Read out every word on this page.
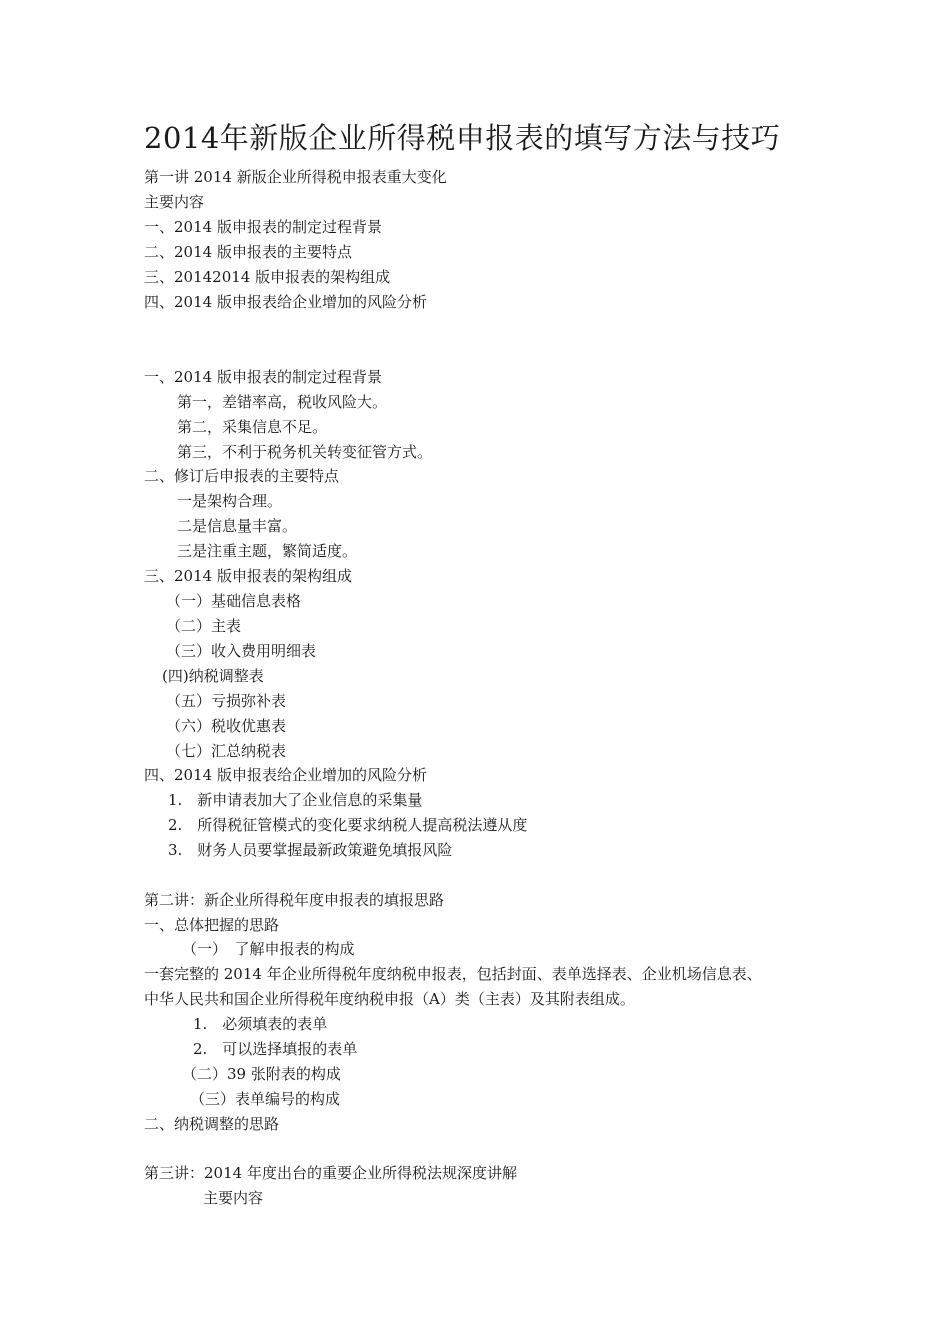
2014年新版企业所得税申报表的填写方法与技巧
第一讲 2014 新版企业所得税申报表重大变化
主要内容
一、2014 版申报表的制定过程背景
二、2014 版申报表的主要特点
三、20142014 版申报表的架构组成
四、2014 版申报表给企业增加的风险分析
一、2014 版申报表的制定过程背景
第一，差错率高，税收风险大。
第二，采集信息不足。
第三，不利于税务机关转变征管方式。
二、修订后申报表的主要特点
一是架构合理。
二是信息量丰富。
三是注重主题，繁简适度。
三、2014 版申报表的架构组成
（一）基础信息表格
（二）主表
（三）收入费用明细表
(四)纳税调整表
（五）亏损弥补表
（六）税收优惠表
（七）汇总纳税表
四、2014 版申报表给企业增加的风险分析
1.　新申请表加大了企业信息的采集量
2.　所得税征管模式的变化要求纳税人提高税法遵从度
3.　财务人员要掌握最新政策避免填报风险
第二讲：新企业所得税年度申报表的填报思路
一、总体把握的思路
（一）　了解申报表的构成
一套完整的 2014 年企业所得税年度纳税申报表，包括封面、表单选择表、企业机场信息表、
中华人民共和国企业所得税年度纳税申报（A）类（主表）及其附表组成。
1.　必须填表的表单
2.　可以选择填报的表单
（二）39 张附表的构成
（三）表单编号的构成
二、纳税调整的思路
第三讲：2014 年度出台的重要企业所得税法规深度讲解
主要内容
